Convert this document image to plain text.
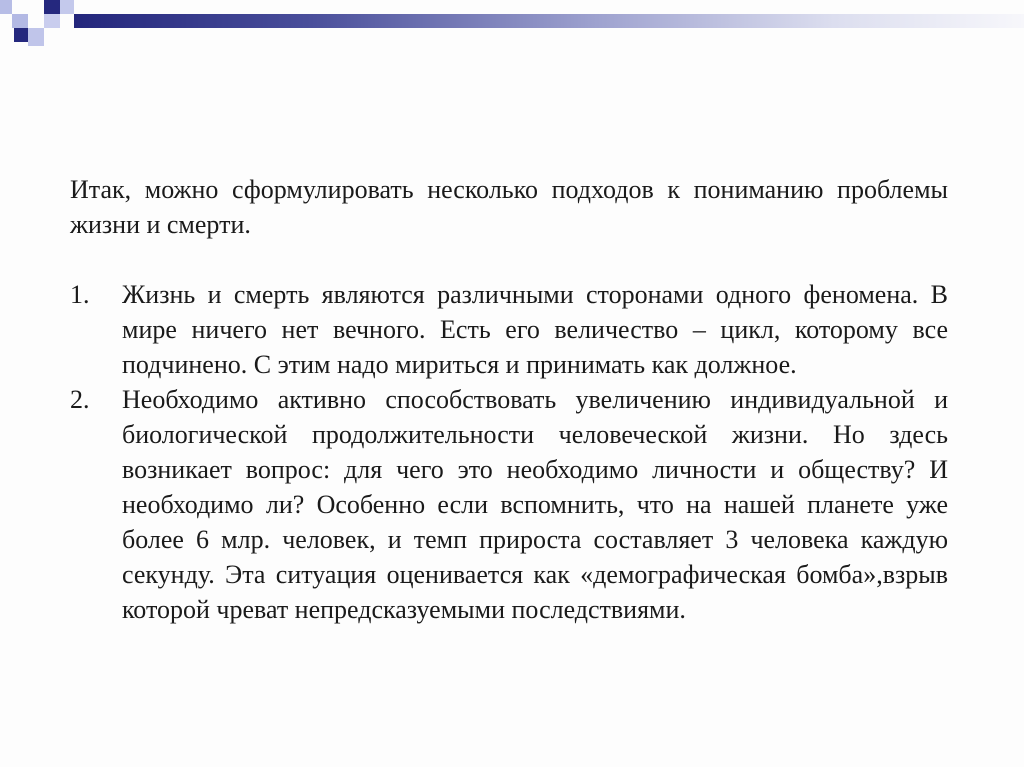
Итак, можно сформулировать несколько подходов к пониманию проблемы жизни и смерти.

1.	Жизнь и смерть являются различными сторонами одного феномена. В мире ничего нет вечного. Есть его величество – цикл, которому все подчинено. С этим надо мириться и принимать как должное.
2.	Необходимо активно способствовать увеличению индивидуальной и биологической продолжительности человеческой жизни. Но здесь возникает вопрос: для чего это необходимо личности и обществу? И необходимо ли? Особенно если вспомнить, что на нашей планете уже более 6 млр. человек, и темп прироста составляет 3 человека каждую секунду. Эта ситуация оценивается как «демографическая бомба»,взрыв которой чреват непредсказуемыми последствиями.
